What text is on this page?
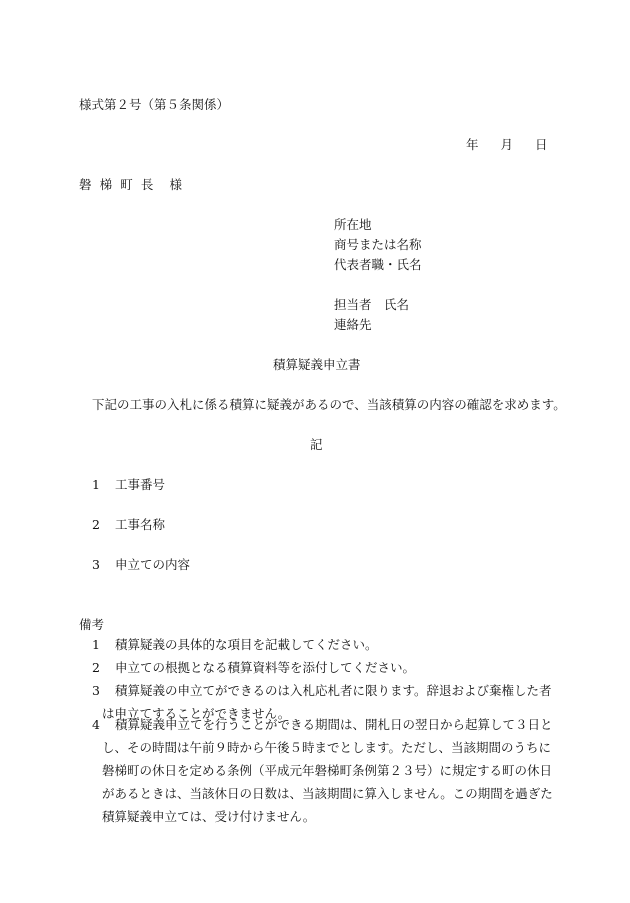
様式第２号（第５条関係）
年 月 日
磐梯町長 様
所在地
商号または名称
代表者職・氏名
担当者　氏名
連絡先
積算疑義申立書
下記の工事の入札に係る積算に疑義があるので、当該積算の内容の確認を求めます。
記
1 工事番号
2 工事名称
3 申立ての内容
備考
1	積算疑義の具体的な項目を記載してください。
2	申立ての根拠となる積算資料等を添付してください。
3	積算疑義の申立てができるのは入札応札者に限ります。辞退および棄権した者は申立てすることができません。
4	積算疑義申立てを行うことができる期間は、開札日の翌日から起算して３日とし、その時間は午前９時から午後５時までとします。ただし、当該期間のうちに磐梯町の休日を定める条例（平成元年磐梯町条例第２３号）に規定する町の休日があるときは、当該休日の日数は、当該期間に算入しません。この期間を過ぎた積算疑義申立ては、受け付けません。
